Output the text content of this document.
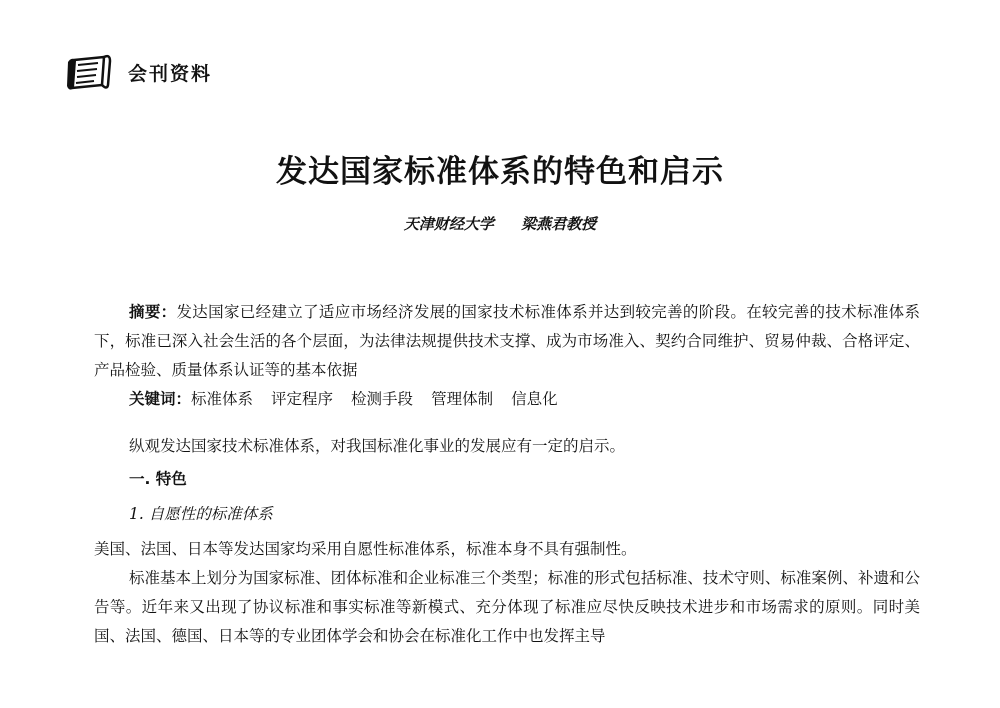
会刊资料
发达国家标准体系的特色和启示
天津财经大学 梁燕君教授

摘要：发达国家已经建立了适应市场经济发展的国家技术标准体系并达到较完善的阶段。在较完善的技术标准体系下，标准已深入社会生活的各个层面，为法律法规提供技术支撑、成为市场准入、契约合同维护、贸易仲裁、合格评定、产品检验、质量体系认证等的基本依据

关键词：标准体系 评定程序 检测手段 管理体制 信息化

纵观发达国家技术标准体系，对我国标准化事业的发展应有一定的启示。

一. 特色

1. 自愿性的标准体系

美国、法国、日本等发达国家均采用自愿性标准体系，标准本身不具有强制性。

标准基本上划分为国家标准、团体标准和企业标准三个类型；标准的形式包括标准、技术守则、标准案例、补遗和公告等。近年来又出现了协议标准和事实标准等新模式、充分体现了标准应尽快反映技术进步和市场需求的原则。同时美国、法国、德国、日本等的专业团体学会和协会在标准化工作中也发挥主导
